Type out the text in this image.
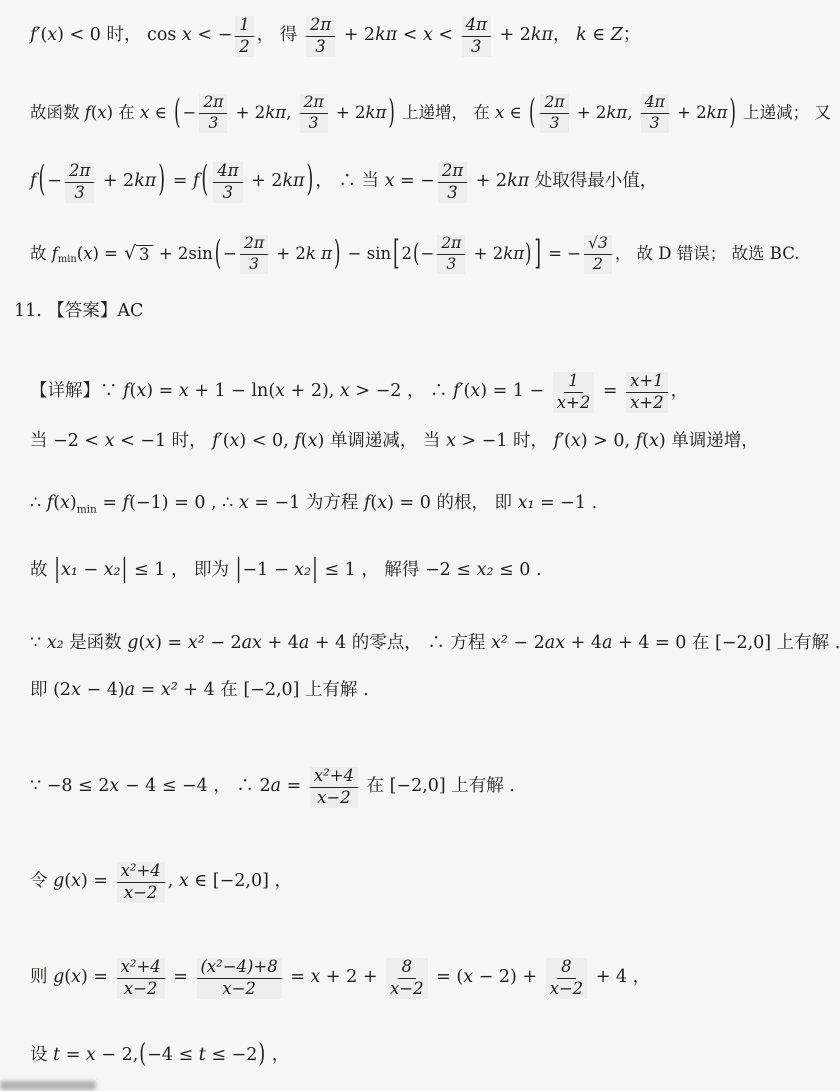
f′ ( x ) < 0 时， cos x < − $\frac{1}{2}$ ， 得 $\frac{2\pi}{3} + 2$ $k\pi < x < \frac{4\pi}{3} + 2$ kπ ， k ∈ Z ；
故函数 f ( x ) 在 x ∈ ( − $\frac{2\pi}{3} + 2$ kπ , $\frac{2\pi}{3} + 2$ kπ ) 上递增， 在 x ∈ ( $\frac{2\pi}{3} + 2$ kπ , $\frac{4\pi}{3} + 2$ kπ ) 上递减； 又
f ( − $\frac{2\pi}{3} + 2$ kπ ) = f ( $\frac{4\pi}{3} + 2$ kπ ) ， ∴ 当 x = − $\frac{2\pi}{3} + 2$ kπ 处取得最小值，
故 f min ( x ) = √ 3 + 2sin ( − $\frac{2\pi}{3} + 2$ k π ) − sin [ 2 ( − $\frac{2\pi}{3} + 2$ kπ ) ] = − $\frac{√3}{2}$ ， 故 D 错误； 故选 BC.
11. 【答案】AC
【详解】∵ f ( x ) = x + 1 − ln( x + 2), x > −2 ， ∴ f′ ( x ) = $1 - \frac{1}{x+2} = \frac{x+1}{x+2}$ ，
当 −2 < x < −1 时， f′ ( x ) < 0, f ( x ) 单调递减， 当 x > −1 时， f′ ( x ) > 0, f ( x ) 单调递增，
∴ f ( x ) min = f (−1) = 0 , ∴ x = −1 为方程 f ( x ) = 0 的根， 即 x₁ = −1 .
故 | x₁ − x₂ | ≤ 1 ， 即为 | −1 − x₂ | ≤ 1 ， 解得 −2 ≤ x₂ ≤ 0 .
∵ x₂ 是函数 g ( x ) = x² − 2 ax + 4 a + 4 的零点， ∴ 方程 x² − 2 ax + 4 a + 4 = 0 在 [−2,0] 上有解 .
即 (2 x − 4) a = x² + 4 在 [−2,0] 上有解 .
∵ −8 ≤ 2 x − 4 ≤ −4 ， ∴ 2 $a = \frac{\text{x²+4}}{x-2}$ 在 [−2,0] 上有解 .
令 g ( x ) = $\frac{\text{x²+4}}{x-2}$ , x ∈ [−2,0] ，
则 g ( x ) = $\frac{\text{x²+4}}{x-2} = \frac{\text{(x²−4)+8}}{x-2} = x + 2 + \frac{8}{x-2}$ = ( $x - 2) + \frac{8}{x-2} + 4$ ，
设 t = x − 2, ( −4 ≤ t ≤ −2 ) ，
